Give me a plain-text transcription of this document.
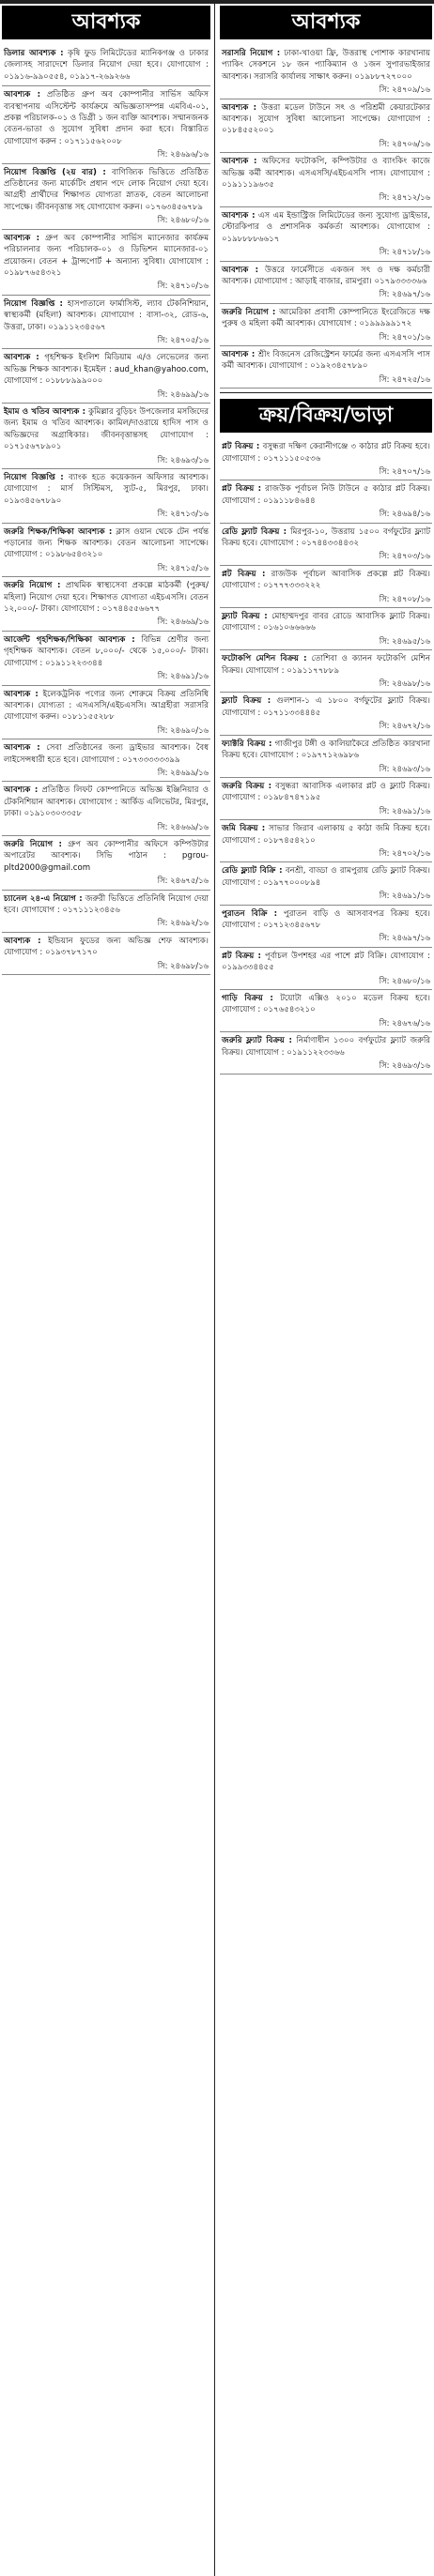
আবশ্যক
ডিলার আবশ্যক : কৃষি ফুড লিমিটেডের ম্যানিকগঞ্জ ও ঢাকার জেলাসহ সারাদেশে ডিলার নিয়োগ দেয়া হবে। যোগাযোগ : ০১৯১৬-৯৯০৫৫৪, ০১৯১৭-২৬৯২৬৬
আবশ্যক : প্রতিষ্ঠিত গ্রুপ অব কোম্পানীর সার্ভিস অফিস ব্যবস্থাপনায় এসিস্টেন্ট কার্যক্রমে অভিজ্ঞতাসম্পন্ন এমবিএ-০১, প্রকল্প পরিচালক-০১ ও ডিগ্রী ১ জন ব্যক্তি আবশ্যক। সম্মানজনক বেতন-ভাতা ও সুযোগ সুবিধা প্রদান করা হবে। বিস্তারিত যোগাযোগ করুন : ০১৭১১৫৬২০০৮
সি: ২৪৬৯৬/১৬
নিয়োগ বিজ্ঞপ্তি (২য় বার) : বাণিজ্যিক ভিত্তিতে প্রতিষ্ঠিত প্রতিষ্ঠানের জন্য মার্কেটিং প্রধান পদে লোক নিয়োগ দেয়া হবে। আগ্রহী প্রার্থীদের শিক্ষাগত যোগ্যতা স্নাতক, বেতন আলোচনা সাপেক্ষে। জীবনবৃত্তান্ত সহ যোগাযোগ করুন। ০১৭৬৩৪৫৬৭৮৯
সি: ২৪৬৮০/১৬
আবশ্যক : গ্রুপ অব কোম্পানীর সার্ভিস ম্যানেজার কার্যক্রম পরিচালনার জন্য পরিচালক-০১ ও ডিভিশন ম্যানেজার-০১ প্রয়োজন। বেতন + ট্রান্সপোর্ট + অন্যান্য সুবিধা। যোগাযোগ : ০১৯৮৭৬৫৪৩২১
সি: ২৪৭১০/১৬
নিয়োগ বিজ্ঞপ্তি : হাসপাতালে ফার্মাসিস্ট, ল্যাব টেকনিশিয়ান, স্বাস্থ্যকর্মী (মহিলা) আবশ্যক। যোগাযোগ : বাসা-৩২, রোড-৬, উত্তরা, ঢাকা। ০১৯১১২৩৪৫৬৭
সি: ২৪৭০৫/১৬
আবশ্যক : গৃহশিক্ষক ইংলিশ মিডিয়াম এ/ও লেভেলের জন্য অভিজ্ঞ শিক্ষক আবশ্যক। ইমেইল : aud_khan@yahoo.com, যোগাযোগ : ০১৮৮৮৯৯৯০০০
সি: ২৪৬৯৯/১৬
ইমাম ও খতিব আবশ্যক : কুমিল্লার বুড়িচং উপজেলার মসজিদের জন্য ইমাম ও খতিব আবশ্যক। কামিল/দাওরায়ে হাদিস পাস ও অভিজ্ঞদের অগ্রাধিকার। জীবনবৃত্তান্তসহ যোগাযোগ : ০১৭১৫৬৭৮৯০১
সি: ২৪৬৯৩/১৬
নিয়োগ বিজ্ঞপ্তি : ব্যাংক হতে কয়েকজন অফিসার আবশ্যক। যোগাযোগ : মার্স সিস্টিমস, স্যুট-৫, মিরপুর, ঢাকা। ০১৯৩৪৫৬৭৮৯০
সি: ২৪৭১৩/১৬
জরুরি শিক্ষক/শিক্ষিকা আবশ্যক : ক্লাস ওয়ান থেকে টেন পর্যন্ত পড়ানোর জন্য শিক্ষক আবশ্যক। বেতন আলোচনা সাপেক্ষে। যোগাযোগ : ০১৯৮৬৫৪৩২১০
সি: ২৪৭১৫/১৬
জরুরি নিয়োগ : প্রাথমিক স্বাস্থ্যসেবা প্রকল্পে মাঠকর্মী (পুরুষ/মহিলা) নিয়োগ দেয়া হবে। শিক্ষাগত যোগ্যতা এইচএসসি। বেতন ১২,০০০/- টাকা। যোগাযোগ : ০১৭৪৪৫৫৬৬৭৭
সি: ২৪৬৬৯/১৬
আর্জেন্ট গৃহশিক্ষক/শিক্ষিকা আবশ্যক : বিভিন্ন শ্রেণীর জন্য গৃহশিক্ষক আবশ্যক। বেতন ৮,০০০/- থেকে ১৫,০০০/- টাকা। যোগাযোগ : ০১৯১১২২৩৩৪৪
সি: ২৪৬৯১/১৬
আবশ্যক : ইলেকট্রনিক পণ্যের জন্য শোরুমে বিক্রয় প্রতিনিধি আবশ্যক। যোগ্যতা : এসএসসি/এইচএসসি। আগ্রহীরা সরাসরি যোগাযোগ করুন। ০১৮১১৫৫২৮৮
সি: ২৪৬৯০/১৬
আবশ্যক : সেবা প্রতিষ্ঠানের জন্য ড্রাইভার আবশ্যক। বৈধ লাইসেন্সধারী হতে হবে। যোগাযোগ : ০১৭৩৩৩৩৩৩৯৯
সি: ২৪৬৯৯/১৬
আবশ্যক : প্রতিষ্ঠিত লিফট কোম্পানিতে অভিজ্ঞ ইঞ্জিনিয়ার ও টেকনিশিয়ান আবশ্যক। যোগাযোগ : আর্কিড এলিভেটর, মিরপুর, ঢাকা। ০১৯১০৩০৩৩৫৮
সি: ২৪৬৬৯/১৬
জরুরি নিয়োগ : গ্রুপ অব কোম্পানীর অফিসে কম্পিউটার অপারেটর আবশ্যক। সিভি পাঠান : pgrou-pltd2000@gmail.com
সি: ২৪৬৭৫/১৬
চ্যানেল ২৪-এ নিয়োগ : জরুরী ভিত্তিতে প্রতিনিধি নিয়োগ দেয়া হবে। যোগাযোগ : ০১৭১১১২৩৪৫৬
সি: ২৪৬৯২/১৬
আবশ্যক : ইন্ডিয়ান ফুডের জন্য অভিজ্ঞ শেফ আবশ্যক। যোগাযোগ : ০১৯৩৭৮৭১৭০
সি: ২৪৬৯৮/১৬
আবশ্যক
সরাসরি নিয়োগ : ঢাকা-খাওয়া ফ্রি, উত্তরাস্থ পোশাক কারখানায় প্যাকিং সেকশনে ১৮ জন প্যাকিম্যান ও ১জন সুপারভাইজার আবশ্যক। সরাসরি কার্যালয় সাক্ষাৎ করুন। ০১৯৮৮৭২৭০০০
সি: ২৪৭০৯/১৬
আবশ্যক : উত্তরা মডেল টাউনে সৎ ও পরিশ্রমী কেয়ারটেকার আবশ্যক। সুযোগ সুবিধা আলোচনা সাপেক্ষে। যোগাযোগ : ০১৮৪৫৫২০০১
সি: ২৪৭০৬/১৬
আবশ্যক : অফিসের ফটোকপি, কম্পিউটার ও ব্যাংকিং কাজে অভিজ্ঞ কর্মী আবশ্যক। এসএসসি/এইচএসসি পাস। যোগাযোগ : ০১৯১১১৯৬৩৫
সি: ২৪৭১২/১৬
আবশ্যক : এস এম ইন্ডাস্ট্রিজ লিমিটেডের জন্য সুযোগ্য ড্রাইভার, স্টোরকিপার ও প্রশাসনিক কর্মকর্তা আবশ্যক। যোগাযোগ : ০১৯৮৮৮৮৬৬১৭
সি: ২৪৭১৮/১৬
আবশ্যক : উত্তরে ফার্মেসীতে একজন সৎ ও দক্ষ কর্মচারী আবশ্যক। যোগাযোগ : আড়াই বাজার, রামপুরা। ০১৭৯৩৩৩৩৬৬
সি: ২৪৬৯৭/১৬
জরুরি নিয়োগ : আমেরিকা প্রবাসী কোম্পানিতে ইংরেজিতে দক্ষ পুরুষ ও মহিলা কর্মী আবশ্যক। যোগাযোগ : ০১৯৯৯৯৯১৭২
সি: ২৪৭০১/১৬
আবশ্যক : শ্রীং বিজনেস রেজিস্ট্রেশন ফার্মের জন্য এসএসসি পাস কর্মী আবশ্যক। যোগাযোগ : ০১৯২৩৪৫৭৮৯০
সি: ২৪৭২৫/১৬
ক্রয়/বিক্রয়/ভাড়া
প্লট বিক্রয় : বসুন্ধরা দক্ষিণ কেরানীগঞ্জে ৩ কাঠার প্লট বিক্রয় হবে। যোগাযোগ : ০১৭১১১৫০৫৩৬
সি: ২৪৭০৭/১৬
প্লট বিক্রয় : রাজউক পূর্বাচল নিউ টাউনে ৫ কাঠার প্লট বিক্রয়। যোগাযোগ : ০১৯১১৮৪৬৪৪
সি: ২৪৬৯৪/১৬
রেডি ফ্ল্যাট বিক্রয় : মিরপুর-১০, উত্তরায় ১৫০০ বর্গফুটের ফ্ল্যাট বিক্রয় হবে। যোগাযোগ : ০১৭৪৪৩৩৪৪৩২
সি: ২৪৭০৩/১৬
প্লট বিক্রয় : রাজউক পূর্বাচল আবাসিক প্রকল্পে প্লট বিক্রয়। যোগাযোগ : ০১৭৭৭৩৩৩২২২
সি: ২৪৭০৮/১৬
ফ্ল্যাট বিক্রয় : মোহাম্মদপুর বাবর রোডে আবাসিক ফ্ল্যাট বিক্রয়। যোগাযোগ : ০১৬১০৬৬৬৬৬
সি: ২৪৬৯৫/১৬
ফটোকপি মেশিন বিক্রয় : তোশিবা ও ক্যানন ফটোকপি মেশিন বিক্রয়। যোগাযোগ : ০১৯১১৭৭৮৮৯
সি: ২৪৬৯৮/১৬
ফ্ল্যাট বিক্রয় : গুলশান-১ এ ১৮০০ বর্গফুটের ফ্ল্যাট বিক্রয়। যোগাযোগ : ০১৭১১৩৩৪৪৪৫
সি: ২৪৬৭২/১৬
ফ্যাক্টরি বিক্রয় : গাজীপুর টঙ্গী ও কালিয়াকৈরে প্রতিষ্ঠিত কারখানা বিক্রয় হবে। যোগাযোগ : ০১৯৭৭১২৬৯৮৬
সি: ২৪৬৯৩/১৬
জরুরি বিক্রয় : বসুন্ধরা আবাসিক এলাকার প্লট ও ফ্ল্যাট বিক্রয়। যোগাযোগ : ০১৯৮৪৭৪৭১৯৫
সি: ২৪৬৯১/১৬
জমি বিক্রয় : সাভার জিরাব এলাকায় ৫ কাঠা জমি বিক্রয় হবে। যোগাযোগ : ০১৮৭৪৫৪২১০
সি: ২৪৭০২/১৬
রেডি ফ্ল্যাট বিক্রি : বনশ্রী, বাড্ডা ও রামপুরায় রেডি ফ্ল্যাট বিক্রয়। যোগাযোগ : ০১৯৭৭০০০৮৯৪
সি: ২৪৬৯১/১৬
পুরাতন বিক্রি : পুরাতন বাড়ি ও আসবাবপত্র বিক্রয় হবে। যোগাযোগ : ০১৭১২৩৪৫৬৭৮
সি: ২৪৬৯৭/১৬
প্লট বিক্রয় : পূর্বাচল উপশহর এর পাশে প্লট বিক্রি। যোগাযোগ : ০১৯৯৩৩৪৪৫৫
সি: ২৪৬৮০/১৬
গাড়ি বিক্রয় : টয়োটা এক্সিও ২০১০ মডেল বিক্রয় হবে। যোগাযোগ : ০১৭৬৫৪৩২১০
সি: ২৪৬৭৬/১৬
জরুরি ফ্ল্যাট বিক্রয় : নির্মাণাধীন ১৩০০ বর্গফুটের ফ্ল্যাট জরুরি বিক্রয়। যোগাযোগ : ০১৯১১২২৩৩৬৬
সি: ২৪৬৯৩/১৬
